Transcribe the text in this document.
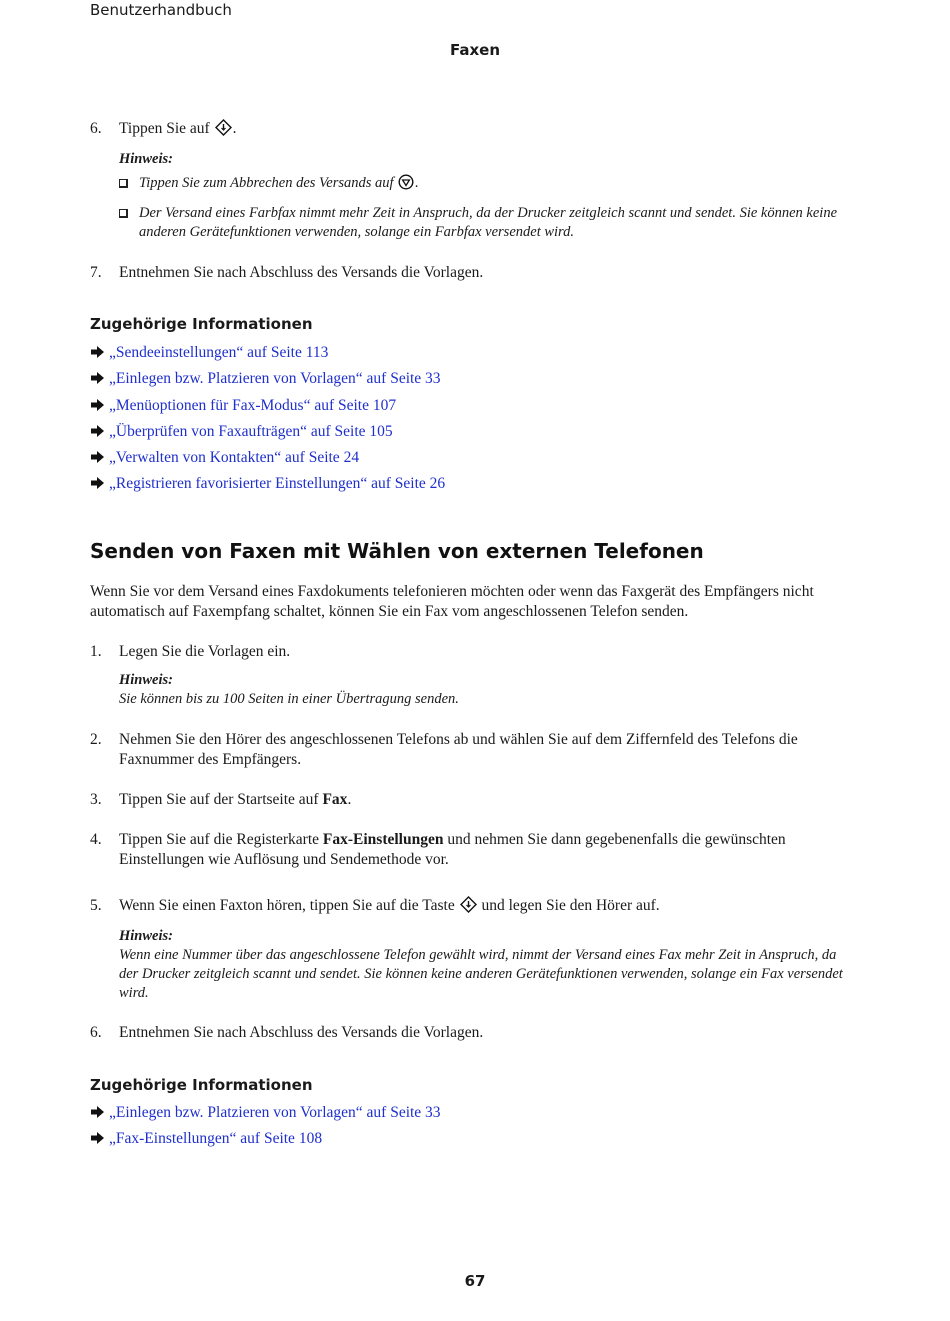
Benutzerhandbuch
Faxen
6. Tippen Sie auf .
Hinweis:
Tippen Sie zum Abbrechen des Versands auf .
Der Versand eines Farbfax nimmt mehr Zeit in Anspruch, da der Drucker zeitgleich scannt und sendet. Sie können keine anderen Gerätefunktionen verwenden, solange ein Farbfax versendet wird.
7. Entnehmen Sie nach Abschluss des Versands die Vorlagen.
Zugehörige Informationen
„Sendeeinstellungen“ auf Seite 113
„Einlegen bzw. Platzieren von Vorlagen“ auf Seite 33
„Menüoptionen für Fax-Modus“ auf Seite 107
„Überprüfen von Faxaufträgen“ auf Seite 105
„Verwalten von Kontakten“ auf Seite 24
„Registrieren favorisierter Einstellungen“ auf Seite 26
Senden von Faxen mit Wählen von externen Telefonen
Wenn Sie vor dem Versand eines Faxdokuments telefonieren möchten oder wenn das Faxgerät des Empfängers nicht automatisch auf Faxempfang schaltet, können Sie ein Fax vom angeschlossenen Telefon senden.
1. Legen Sie die Vorlagen ein.
Hinweis:
Sie können bis zu 100 Seiten in einer Übertragung senden.
2. Nehmen Sie den Hörer des angeschlossenen Telefons ab und wählen Sie auf dem Ziffernfeld des Telefons die Faxnummer des Empfängers.
3. Tippen Sie auf der Startseite auf Fax.
4. Tippen Sie auf die Registerkarte Fax-Einstellungen und nehmen Sie dann gegebenenfalls die gewünschten Einstellungen wie Auflösung und Sendemethode vor.
5. Wenn Sie einen Faxton hören, tippen Sie auf die Taste und legen Sie den Hörer auf.
Hinweis:
Wenn eine Nummer über das angeschlossene Telefon gewählt wird, nimmt der Versand eines Fax mehr Zeit in Anspruch, da der Drucker zeitgleich scannt und sendet. Sie können keine anderen Gerätefunktionen verwenden, solange ein Fax versendet wird.
6. Entnehmen Sie nach Abschluss des Versands die Vorlagen.
Zugehörige Informationen
„Einlegen bzw. Platzieren von Vorlagen“ auf Seite 33
„Fax-Einstellungen“ auf Seite 108
67
